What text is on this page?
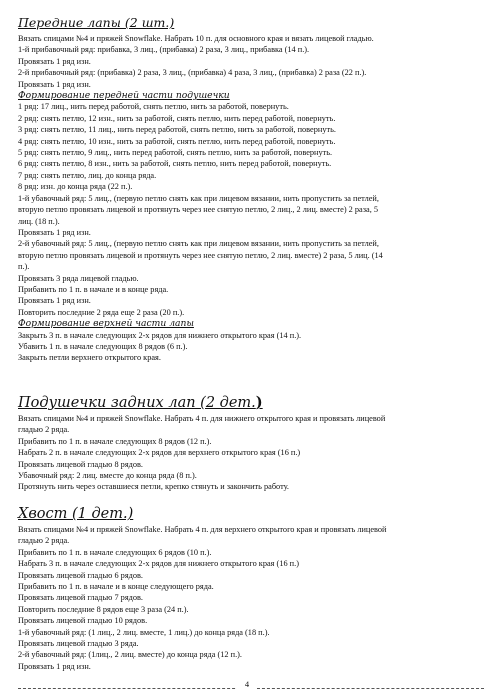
Передние лапы (2 шт.)
Вязать спицами №4 и пряжей Snowflake. Набрать 10 п. для основного края и вязать лицевой гладью.
1-й прибавочный ряд: прибавка, 3 лиц., (прибавка) 2 раза, 3 лиц., прибавка (14 п.).
Провязать 1 ряд изн.
2-й прибавочный ряд: (прибавка) 2 раза, 3 лиц., (прибавка) 4 раза, 3 лиц., (прибавка) 2 раза (22 п.).
Провязать 1 ряд изн.
Формирование передней части подушечки
1 ряд: 17 лиц., нить перед работой, снять петлю, нить за работой, повернуть.
2 ряд: снять петлю, 12 изн., нить за работой, снять петлю, нить перед работой, повернуть.
3 ряд: снять петлю, 11 лиц., нить перед работой, снять петлю, нить за работой, повернуть.
4 ряд: снять петлю, 10 изн., нить за работой, снять петлю, нить перед работой, повернуть.
5 ряд: снять петлю, 9 лиц., нить перед работой, снять петлю, нить за работой, повернуть.
6 ряд: снять петлю, 8 изн., нить за работой, снять петлю, нить перед работой, повернуть.
7 ряд: снять петлю, лиц. до конца ряда.
8 ряд: изн. до конца ряда (22 п.).
1-й убавочный ряд: 5 лиц., (первую петлю снять как при лицевом вязании, нить пропустить за петлей,
вторую петлю провязать лицевой и протянуть через нее снятую петлю, 2 лиц., 2 лиц. вместе) 2 раза, 5
лиц. (18 п.).
Провязать 1 ряд изн.
2-й убавочный ряд: 5 лиц., (первую петлю снять как при лицевом вязании, нить пропустить за петлей,
вторую петлю провязать лицевой и протянуть через нее снятую петлю, 2 лиц. вместе) 2 раза, 5 лиц. (14
п.).
Провязать 3 ряда лицевой гладью.
Прибавить по 1 п. в начале и в конце ряда.
Провязать 1 ряд изн.
Повторить последние 2 ряда еще 2 раза (20 п.).
Формирование верхней части лапы
Закрыть 3 п. в начале следующих 2-х рядов для нижнего открытого края (14 п.).
Убавить 1 п. в начале следующих 8 рядов (6 п.).
Закрыть петли верхнего открытого края.
Подушечки задних лап (2 дет.)
Вязать спицами №4 и пряжей Snowflake. Набрать 4 п. для нижнего открытого края и провязать лицевой
гладью 2 ряда.
Прибавить по 1 п. в начале следующих 8 рядов (12 п.).
Набрать 2 п. в начале следующих 2-х рядов для верхнего открытого края (16 п.)
Провязать лицевой гладью 8 рядов.
Убавочный ряд: 2 лиц. вместе до конца ряда (8 п.).
Протянуть нить через оставшиеся петли, крепко стянуть и закончить работу.
Хвост (1 дет.)
Вязать спицами №4 и пряжей Snowflake. Набрать 4 п. для верхнего открытого края и провязать лицевой
гладью 2 ряда.
Прибавить по 1 п. в начале следующих 6 рядов (10 п.).
Набрать 3 п. в начале следующих 2-х рядов для нижнего открытого края (16 п.)
Провязать лицевой гладью 6 рядов.
Прибавить по 1 п. в начале и в конце следующего ряда.
Провязать лицевой гладью 7 рядов.
Повторить последние 8 рядов еще 3 раза (24 п.).
Провязать лицевой гладью 10 рядов.
1-й убавочный ряд: (1 лиц., 2 лиц. вместе, 1 лиц.) до конца ряда (18 п.).
Провязать лицевой гладью 3 ряда.
2-й убавочный ряд: (1лиц., 2 лиц. вместе) до конца ряда (12 п.).
Провязать 1 ряд изн.
4
